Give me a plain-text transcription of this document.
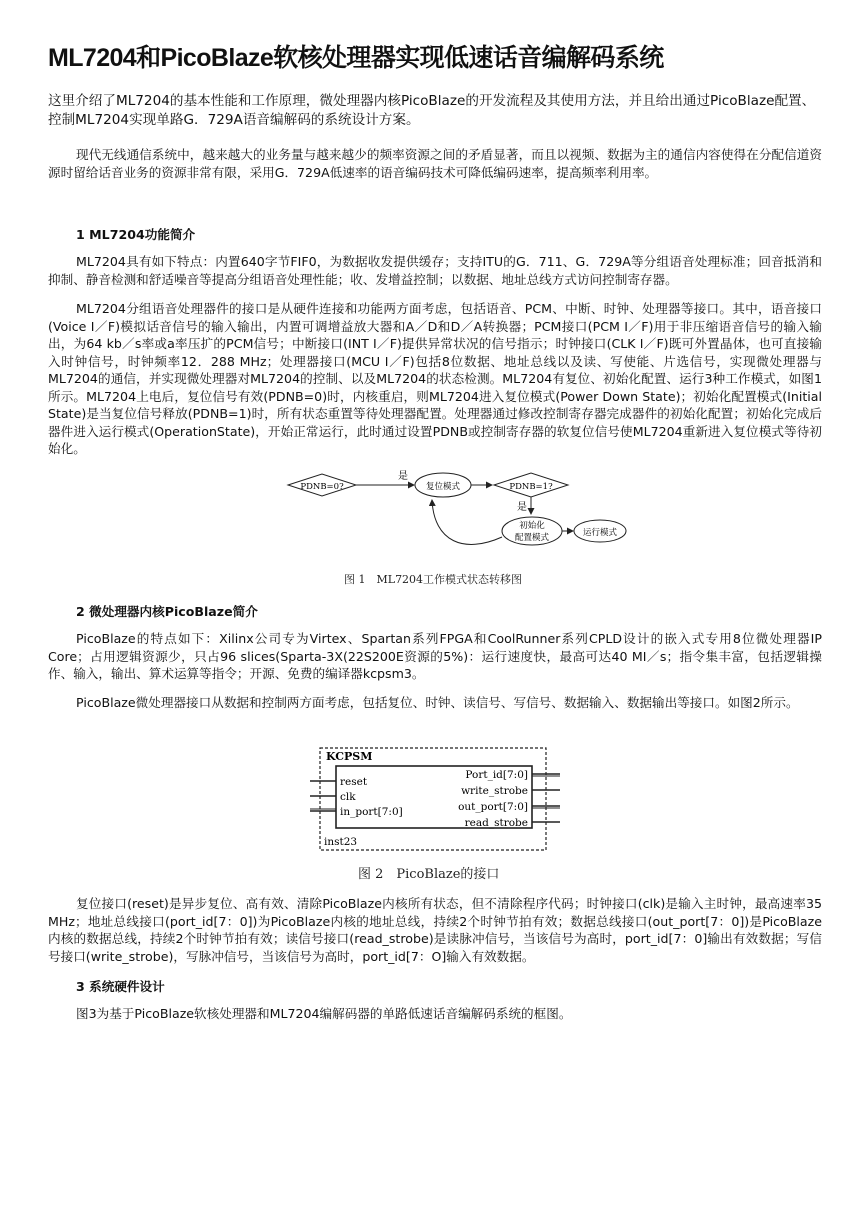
ML7204和PicoBlaze软核处理器实现低速话音编解码系统

这里介绍了ML7204的基本性能和工作原理，微处理器内核PicoBlaze的开发流程及其使用方法，并且给出通过PicoBlaze配置、控制ML7204实现单路G．729A语音编解码的系统设计方案。

现代无线通信系统中，越来越大的业务量与越来越少的频率资源之间的矛盾显著，而且以视频、数据为主的通信内容使得在分配信道资源时留给话音业务的资源非常有限，采用G．729A低速率的语音编码技术可降低编码速率，提高频率利用率。

1 ML7204功能简介

ML7204具有如下特点：内置640字节FIF0，为数据收发提供缓存；支持ITU的G．711、G．729A等分组语音处理标准；回音抵消和抑制、静音检测和舒适噪音等提高分组语音处理性能；收、发增益控制；以数据、地址总线方式访问控制寄存器。

ML7204分组语音处理器件的接口是从硬件连接和功能两方面考虑，包括语音、PCM、中断、时钟、处理器等接口。其中，语音接口(Voice I／F)模拟话音信号的输入输出，内置可调增益放大器和A／D和D／A转换器；PCM接口(PCM I／F)用于非压缩语音信号的输入输出，为64 kb／s率或a率压扩的PCM信号；中断接口(INT I／F)提供异常状况的信号指示；时钟接口(CLK I／F)既可外置晶体，也可直接输入时钟信号，时钟频率12．288 MHz；处理器接口(MCU I／F)包括8位数据、地址总线以及读、写使能、片选信号，实现微处理器与ML7204的通信，并实现微处理器对ML7204的控制、以及ML7204的状态检测。ML7204有复位、初始化配置、运行3种工作模式，如图1所示。ML7204上电后，复位信号有效(PDNB=0)时，内核重启，则ML7204进入复位模式(Power Down State)；初始化配置模式(Initial State)是当复位信号释放(PDNB=1)时，所有状态重置等待处理器配置。处理器通过修改控制寄存器完成器件的初始化配置；初始化完成后器件进入运行模式(OperationState)，开始正常运行，此时通过设置PDNB或控制寄存器的软复位信号使ML7204重新进入复位模式等待初始化。

PDNB=0?
是
复位模式	PDNB=1?
是
初始化
配置模式	运行模式

图 1　ML7204工作模式状态转移图

2 微处理器内核PicoBlaze简介

PicoBlaze的特点如下：Xilinx公司专为Virtex、Spartan系列FPGA和CoolRunner系列CPLD设计的嵌入式专用8位微处理器IP Core；占用逻辑资源少，只占96 slices(Sparta-3X(22S200E资源的5%)：运行速度快，最高可达40 MI／s；指令集丰富，包括逻辑操作、输入，输出、算术运算等指令；开源、免费的编译器kcpsm3。

PicoBlaze微处理器接口从数据和控制两方面考虑，包括复位、时钟、读信号、写信号、数据输入、数据输出等接口。如图2所示。

KCPSM
reset
clk
in_port[7:0]
Port_id[7:0]
write_strobe
out_port[7:0]
read_strobe
inst23

图 2　PicoBlaze的接口

复位接口(reset)是异步复位、高有效、清除PicoBlaze内核所有状态，但不清除程序代码；时钟接口(clk)是输入主时钟，最高速率35 MHz；地址总线接口(port_id[7：0])为PicoBlaze内核的地址总线，持续2个时钟节拍有效；数据总线接口(out_port[7：0])是PicoBlaze内核的数据总线，持续2个时钟节拍有效；读信号接口(read_strobe)是读脉冲信号，当该信号为高时，port_id[7：0]输出有效数据；写信号接口(write_strobe)，写脉冲信号，当该信号为高时，port_id[7：O]输入有效数据。

3 系统硬件设计

图3为基于PicoBlaze软核处理器和ML7204编解码器的单路低速话音编解码系统的框图。
